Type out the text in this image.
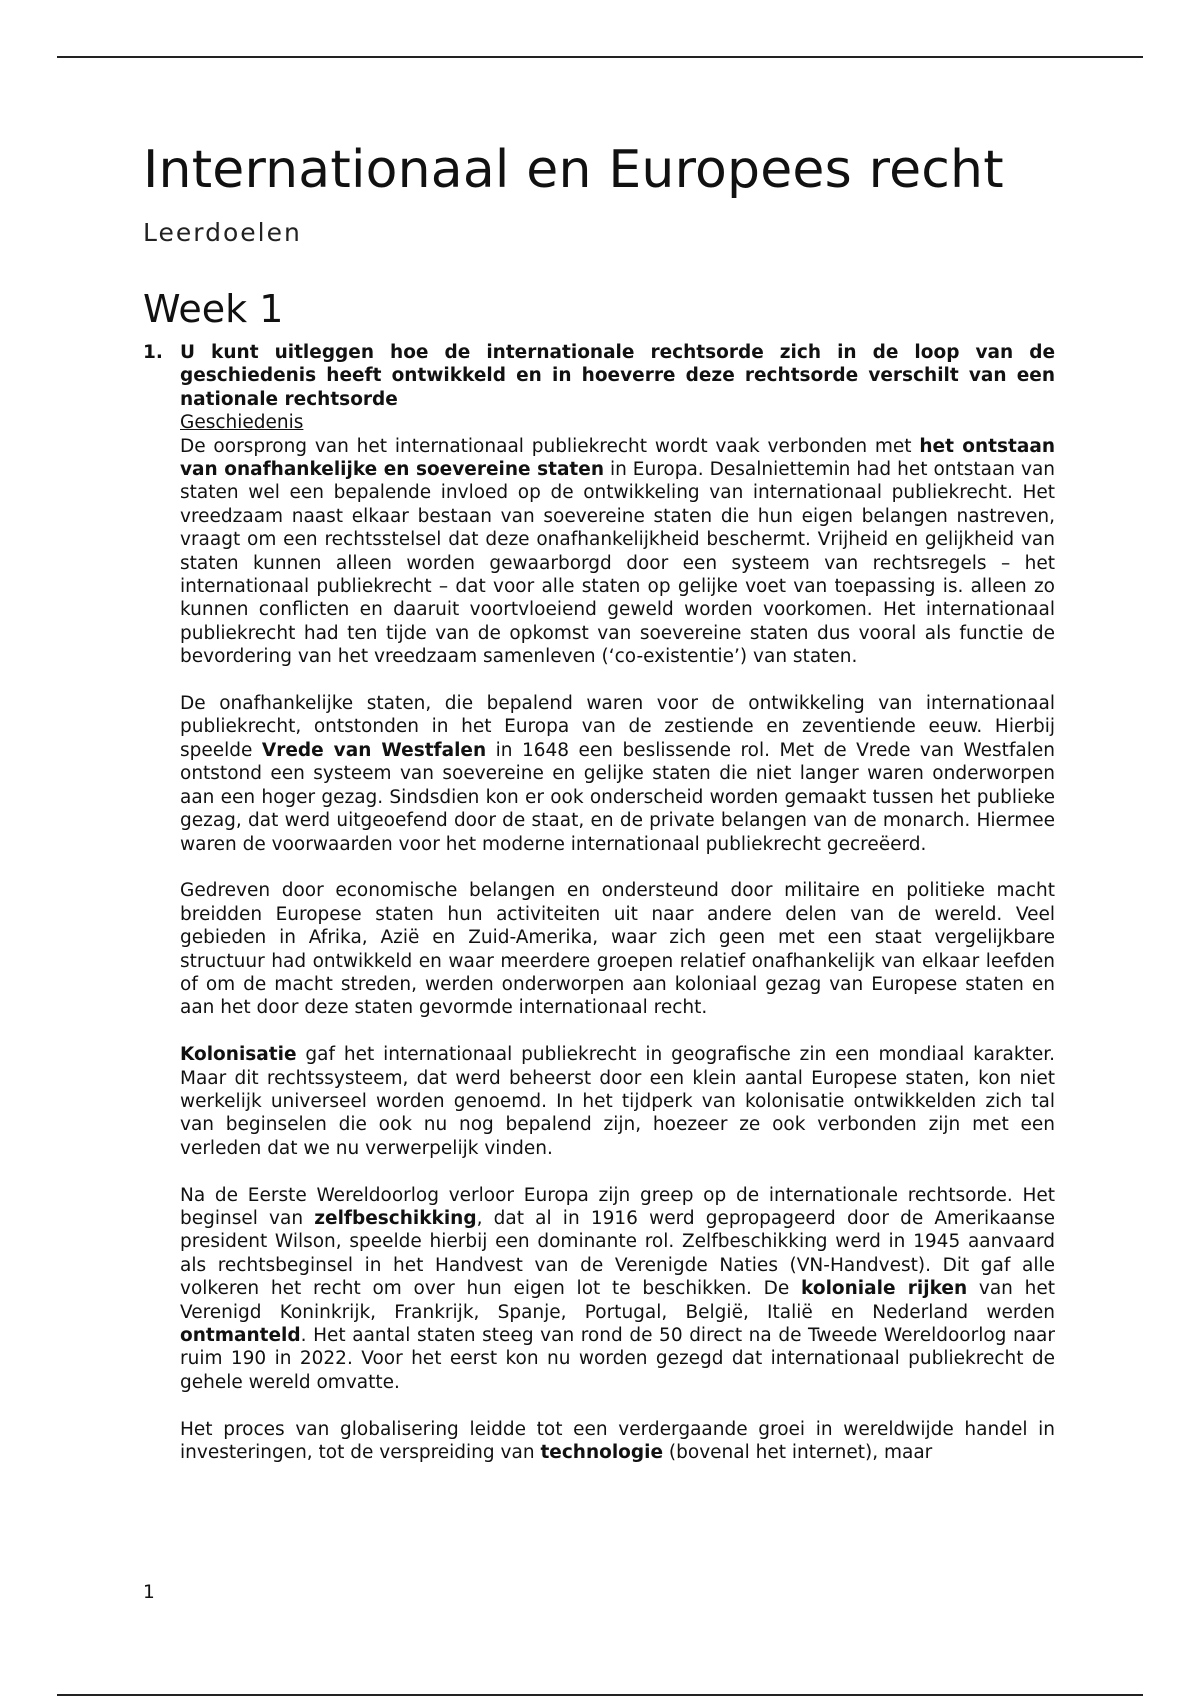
Internationaal en Europees recht
Leerdoelen
Week 1
1. U kunt uitleggen hoe de internationale rechtsorde zich in de loop van de geschiedenis heeft ontwikkeld en in hoeverre deze rechtsorde verschilt van een nationale rechtsorde

Geschiedenis

De oorsprong van het internationaal publiekrecht wordt vaak verbonden met het ontstaan van onafhankelijke en soevereine staten in Europa. Desalniettemin had het ontstaan van staten wel een bepalende invloed op de ontwikkeling van internationaal publiekrecht. Het vreedzaam naast elkaar bestaan van soevereine staten die hun eigen belangen nastreven, vraagt om een rechtsstelsel dat deze onafhankelijkheid beschermt. Vrijheid en gelijkheid van staten kunnen alleen worden gewaarborgd door een systeem van rechtsregels – het internationaal publiekrecht – dat voor alle staten op gelijke voet van toepassing is. alleen zo kunnen conflicten en daaruit voortvloeiend geweld worden voorkomen. Het internationaal publiekrecht had ten tijde van de opkomst van soevereine staten dus vooral als functie de bevordering van het vreedzaam samenleven (‘co-existentie’) van staten.

De onafhankelijke staten, die bepalend waren voor de ontwikkeling van internationaal publiekrecht, ontstonden in het Europa van de zestiende en zeventiende eeuw. Hierbij speelde Vrede van Westfalen in 1648 een beslissende rol. Met de Vrede van Westfalen ontstond een systeem van soevereine en gelijke staten die niet langer waren onderworpen aan een hoger gezag. Sindsdien kon er ook onderscheid worden gemaakt tussen het publieke gezag, dat werd uitgeoefend door de staat, en de private belangen van de monarch. Hiermee waren de voorwaarden voor het moderne internationaal publiekrecht gecreëerd.

Gedreven door economische belangen en ondersteund door militaire en politieke macht breidden Europese staten hun activiteiten uit naar andere delen van de wereld. Veel gebieden in Afrika, Azië en Zuid-Amerika, waar zich geen met een staat vergelijkbare structuur had ontwikkeld en waar meerdere groepen relatief onafhankelijk van elkaar leefden of om de macht streden, werden onderworpen aan koloniaal gezag van Europese staten en aan het door deze staten gevormde internationaal recht.

Kolonisatie gaf het internationaal publiekrecht in geografische zin een mondiaal karakter. Maar dit rechtssysteem, dat werd beheerst door een klein aantal Europese staten, kon niet werkelijk universeel worden genoemd. In het tijdperk van kolonisatie ontwikkelden zich tal van beginselen die ook nu nog bepalend zijn, hoezeer ze ook verbonden zijn met een verleden dat we nu verwerpelijk vinden.

Na de Eerste Wereldoorlog verloor Europa zijn greep op de internationale rechtsorde. Het beginsel van zelfbeschikking, dat al in 1916 werd gepropageerd door de Amerikaanse president Wilson, speelde hierbij een dominante rol. Zelfbeschikking werd in 1945 aanvaard als rechtsbeginsel in het Handvest van de Verenigde Naties (VN-Handvest). Dit gaf alle volkeren het recht om over hun eigen lot te beschikken. De koloniale rijken van het Verenigd Koninkrijk, Frankrijk, Spanje, Portugal, België, Italië en Nederland werden ontmanteld. Het aantal staten steeg van rond de 50 direct na de Tweede Wereldoorlog naar ruim 190 in 2022. Voor het eerst kon nu worden gezegd dat internationaal publiekrecht de gehele wereld omvatte.

Het proces van globalisering leidde tot een verdergaande groei in wereldwijde handel in investeringen, tot de verspreiding van technologie (bovenal het internet), maar

1
